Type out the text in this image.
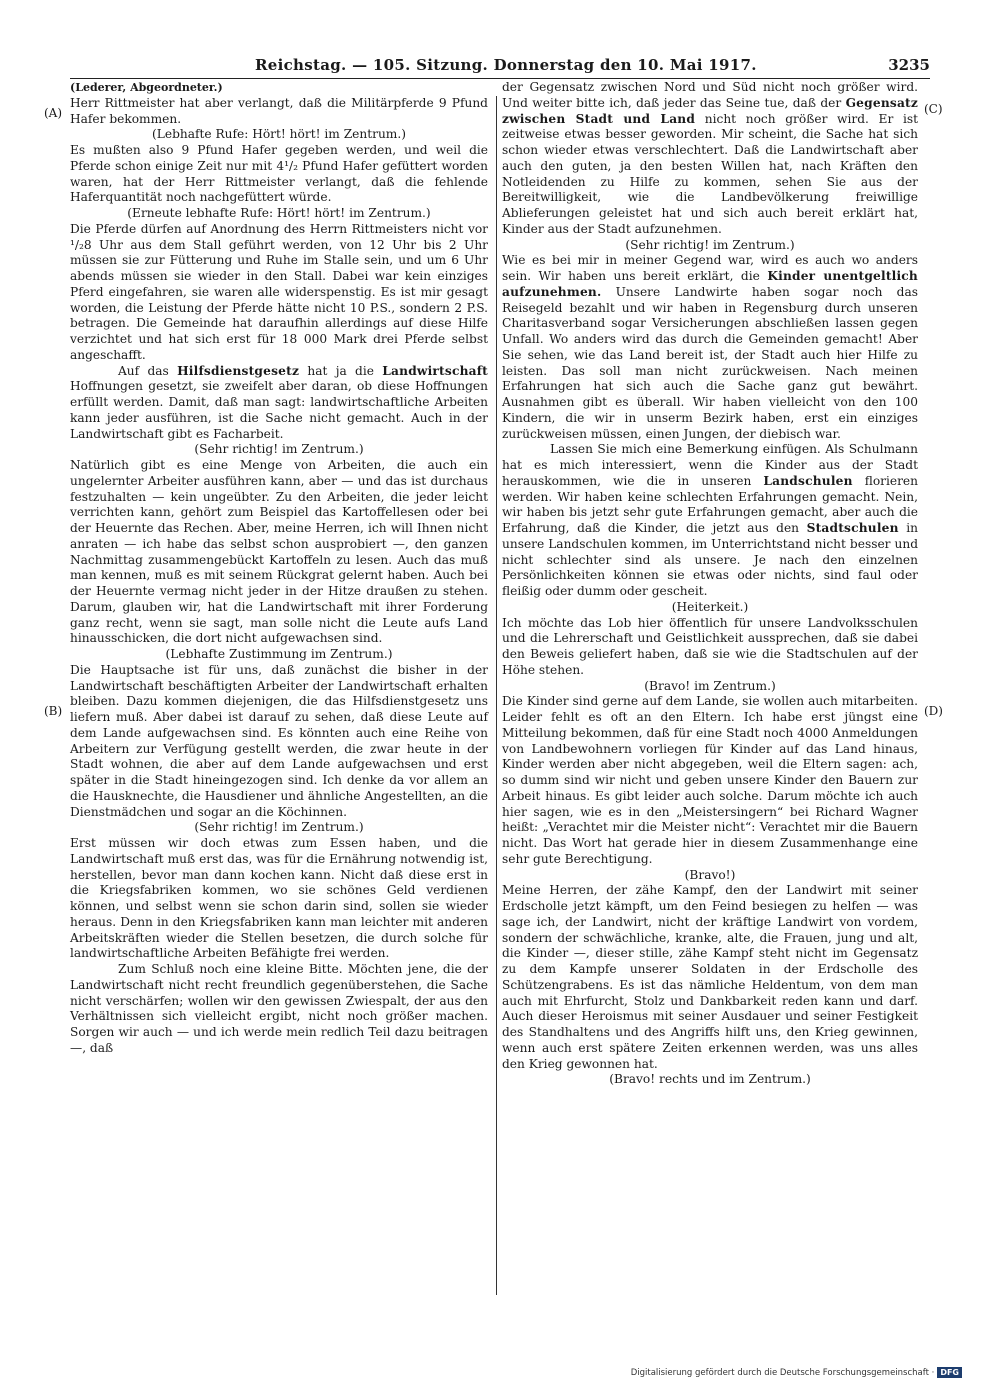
Reichstag. — 105. Sitzung. Donnerstag den 10. Mai 1917.	3235
(A)
(B)
(C)
(D)

(Lederer, Abgeordneter.)

Herr Rittmeister hat aber verlangt, daß die Militärpferde 9 Pfund Hafer bekommen.

(Lebhafte Rufe: Hört! hört! im Zentrum.)

Es mußten also 9 Pfund Hafer gegeben werden, und weil die Pferde schon einige Zeit nur mit 4¹/₂ Pfund Hafer gefüttert worden waren, hat der Herr Rittmeister verlangt, daß die fehlende Haferquantität noch nachgefüttert würde.

(Erneute lebhafte Rufe: Hört! hört! im Zentrum.)

Die Pferde dürfen auf Anordnung des Herrn Rittmeisters nicht vor ¹/₂8 Uhr aus dem Stall geführt werden, von 12 Uhr bis 2 Uhr müssen sie zur Fütterung und Ruhe im Stalle sein, und um 6 Uhr abends müssen sie wieder in den Stall. Dabei war kein einziges Pferd eingefahren, sie waren alle widerspenstig. Es ist mir gesagt worden, die Leistung der Pferde hätte nicht 10 P.S., sondern 2 P.S. betragen. Die Gemeinde hat daraufhin allerdings auf diese Hilfe verzichtet und hat sich erst für 18 000 Mark drei Pferde selbst angeschafft.

Auf das Hilfsdienstgesetz hat ja die Landwirtschaft Hoffnungen gesetzt, sie zweifelt aber daran, ob diese Hoffnungen erfüllt werden. Damit, daß man sagt: landwirtschaftliche Arbeiten kann jeder ausführen, ist die Sache nicht gemacht. Auch in der Landwirtschaft gibt es Facharbeit.

(Sehr richtig! im Zentrum.)

Natürlich gibt es eine Menge von Arbeiten, die auch ein ungelernter Arbeiter ausführen kann, aber — und das ist durchaus festzuhalten — kein ungeübter. Zu den Arbeiten, die jeder leicht verrichten kann, gehört zum Beispiel das Kartoffellesen oder bei der Heuernte das Rechen. Aber, meine Herren, ich will Ihnen nicht anraten — ich habe das selbst schon ausprobiert —, den ganzen Nachmittag zusammengebückt Kartoffeln zu lesen. Auch das muß man kennen, muß es mit seinem Rückgrat gelernt haben. Auch bei der Heuernte vermag nicht jeder in der Hitze draußen zu stehen. Darum, glauben wir, hat die Landwirtschaft mit ihrer Forderung ganz recht, wenn sie sagt, man solle nicht die Leute aufs Land hinausschicken, die dort nicht aufgewachsen sind.

(Lebhafte Zustimmung im Zentrum.)

Die Hauptsache ist für uns, daß zunächst die bisher in der Landwirtschaft beschäftigten Arbeiter der Landwirtschaft erhalten bleiben. Dazu kommen diejenigen, die das Hilfsdienstgesetz uns liefern muß. Aber dabei ist darauf zu sehen, daß diese Leute auf dem Lande aufgewachsen sind. Es könnten auch eine Reihe von Arbeitern zur Verfügung gestellt werden, die zwar heute in der Stadt wohnen, die aber auf dem Lande aufgewachsen und erst später in die Stadt hineingezogen sind. Ich denke da vor allem an die Hausknechte, die Hausdiener und ähnliche Angestellten, an die Dienstmädchen und sogar an die Köchinnen.

(Sehr richtig! im Zentrum.)

Erst müssen wir doch etwas zum Essen haben, und die Landwirtschaft muß erst das, was für die Ernährung notwendig ist, herstellen, bevor man dann kochen kann. Nicht daß diese erst in die Kriegsfabriken kommen, wo sie schönes Geld verdienen können, und selbst wenn sie schon darin sind, sollen sie wieder heraus. Denn in den Kriegsfabriken kann man leichter mit anderen Arbeitskräften wieder die Stellen besetzen, die durch solche für landwirtschaftliche Arbeiten Befähigte frei werden.

Zum Schluß noch eine kleine Bitte. Möchten jene, die der Landwirtschaft nicht recht freundlich gegenüberstehen, die Sache nicht verschärfen; wollen wir den gewissen Zwiespalt, der aus den Verhältnissen sich vielleicht ergibt, nicht noch größer machen. Sorgen wir auch — und ich werde mein redlich Teil dazu beitragen —, daß

der Gegensatz zwischen Nord und Süd nicht noch größer wird. Und weiter bitte ich, daß jeder das Seine tue, daß der Gegensatz zwischen Stadt und Land nicht noch größer wird. Er ist zeitweise etwas besser geworden. Mir scheint, die Sache hat sich schon wieder etwas verschlechtert. Daß die Landwirtschaft aber auch den guten, ja den besten Willen hat, nach Kräften den Notleidenden zu Hilfe zu kommen, sehen Sie aus der Bereitwilligkeit, wie die Landbevölkerung freiwillige Ablieferungen geleistet hat und sich auch bereit erklärt hat, Kinder aus der Stadt aufzunehmen.

(Sehr richtig! im Zentrum.)

Wie es bei mir in meiner Gegend war, wird es auch wo anders sein. Wir haben uns bereit erklärt, die Kinder unentgeltlich aufzunehmen. Unsere Landwirte haben sogar noch das Reisegeld bezahlt und wir haben in Regensburg durch unseren Charitasverband sogar Versicherungen abschließen lassen gegen Unfall. Wo anders wird das durch die Gemeinden gemacht! Aber Sie sehen, wie das Land bereit ist, der Stadt auch hier Hilfe zu leisten. Das soll man nicht zurückweisen. Nach meinen Erfahrungen hat sich auch die Sache ganz gut bewährt. Ausnahmen gibt es überall. Wir haben vielleicht von den 100 Kindern, die wir in unserm Bezirk haben, erst ein einziges zurückweisen müssen, einen Jungen, der diebisch war.

Lassen Sie mich eine Bemerkung einfügen. Als Schulmann hat es mich interessiert, wenn die Kinder aus der Stadt herauskommen, wie die in unseren Landschulen florieren werden. Wir haben keine schlechten Erfahrungen gemacht. Nein, wir haben bis jetzt sehr gute Erfahrungen gemacht, aber auch die Erfahrung, daß die Kinder, die jetzt aus den Stadtschulen in unsere Landschulen kommen, im Unterrichtstand nicht besser und nicht schlechter sind als unsere. Je nach den einzelnen Persönlichkeiten können sie etwas oder nichts, sind faul oder fleißig oder dumm oder gescheit.

(Heiterkeit.)

Ich möchte das Lob hier öffentlich für unsere Landvolksschulen und die Lehrerschaft und Geistlichkeit aussprechen, daß sie dabei den Beweis geliefert haben, daß sie wie die Stadtschulen auf der Höhe stehen.

(Bravo! im Zentrum.)

Die Kinder sind gerne auf dem Lande, sie wollen auch mitarbeiten. Leider fehlt es oft an den Eltern. Ich habe erst jüngst eine Mitteilung bekommen, daß für eine Stadt noch 4000 Anmeldungen von Landbewohnern vorliegen für Kinder auf das Land hinaus, Kinder werden aber nicht abgegeben, weil die Eltern sagen: ach, so dumm sind wir nicht und geben unsere Kinder den Bauern zur Arbeit hinaus. Es gibt leider auch solche. Darum möchte ich auch hier sagen, wie es in den „Meistersingern“ bei Richard Wagner heißt: „Verachtet mir die Meister nicht“: Verachtet mir die Bauern nicht. Das Wort hat gerade hier in diesem Zusammenhange eine sehr gute Berechtigung.

(Bravo!)

Meine Herren, der zähe Kampf, den der Landwirt mit seiner Erdscholle jetzt kämpft, um den Feind besiegen zu helfen — was sage ich, der Landwirt, nicht der kräftige Landwirt von vordem, sondern der schwächliche, kranke, alte, die Frauen, jung und alt, die Kinder —, dieser stille, zähe Kampf steht nicht im Gegensatz zu dem Kampfe unserer Soldaten in der Erdscholle des Schützengrabens. Es ist das nämliche Heldentum, von dem man auch mit Ehrfurcht, Stolz und Dankbarkeit reden kann und darf. Auch dieser Heroismus mit seiner Ausdauer und seiner Festigkeit des Standhaltens und des Angriffs hilft uns, den Krieg gewinnen, wenn auch erst spätere Zeiten erkennen werden, was uns alles den Krieg gewonnen hat.

(Bravo! rechts und im Zentrum.)

Digitalisierung gefördert durch die Deutsche Forschungsgemeinschaft · DFG
